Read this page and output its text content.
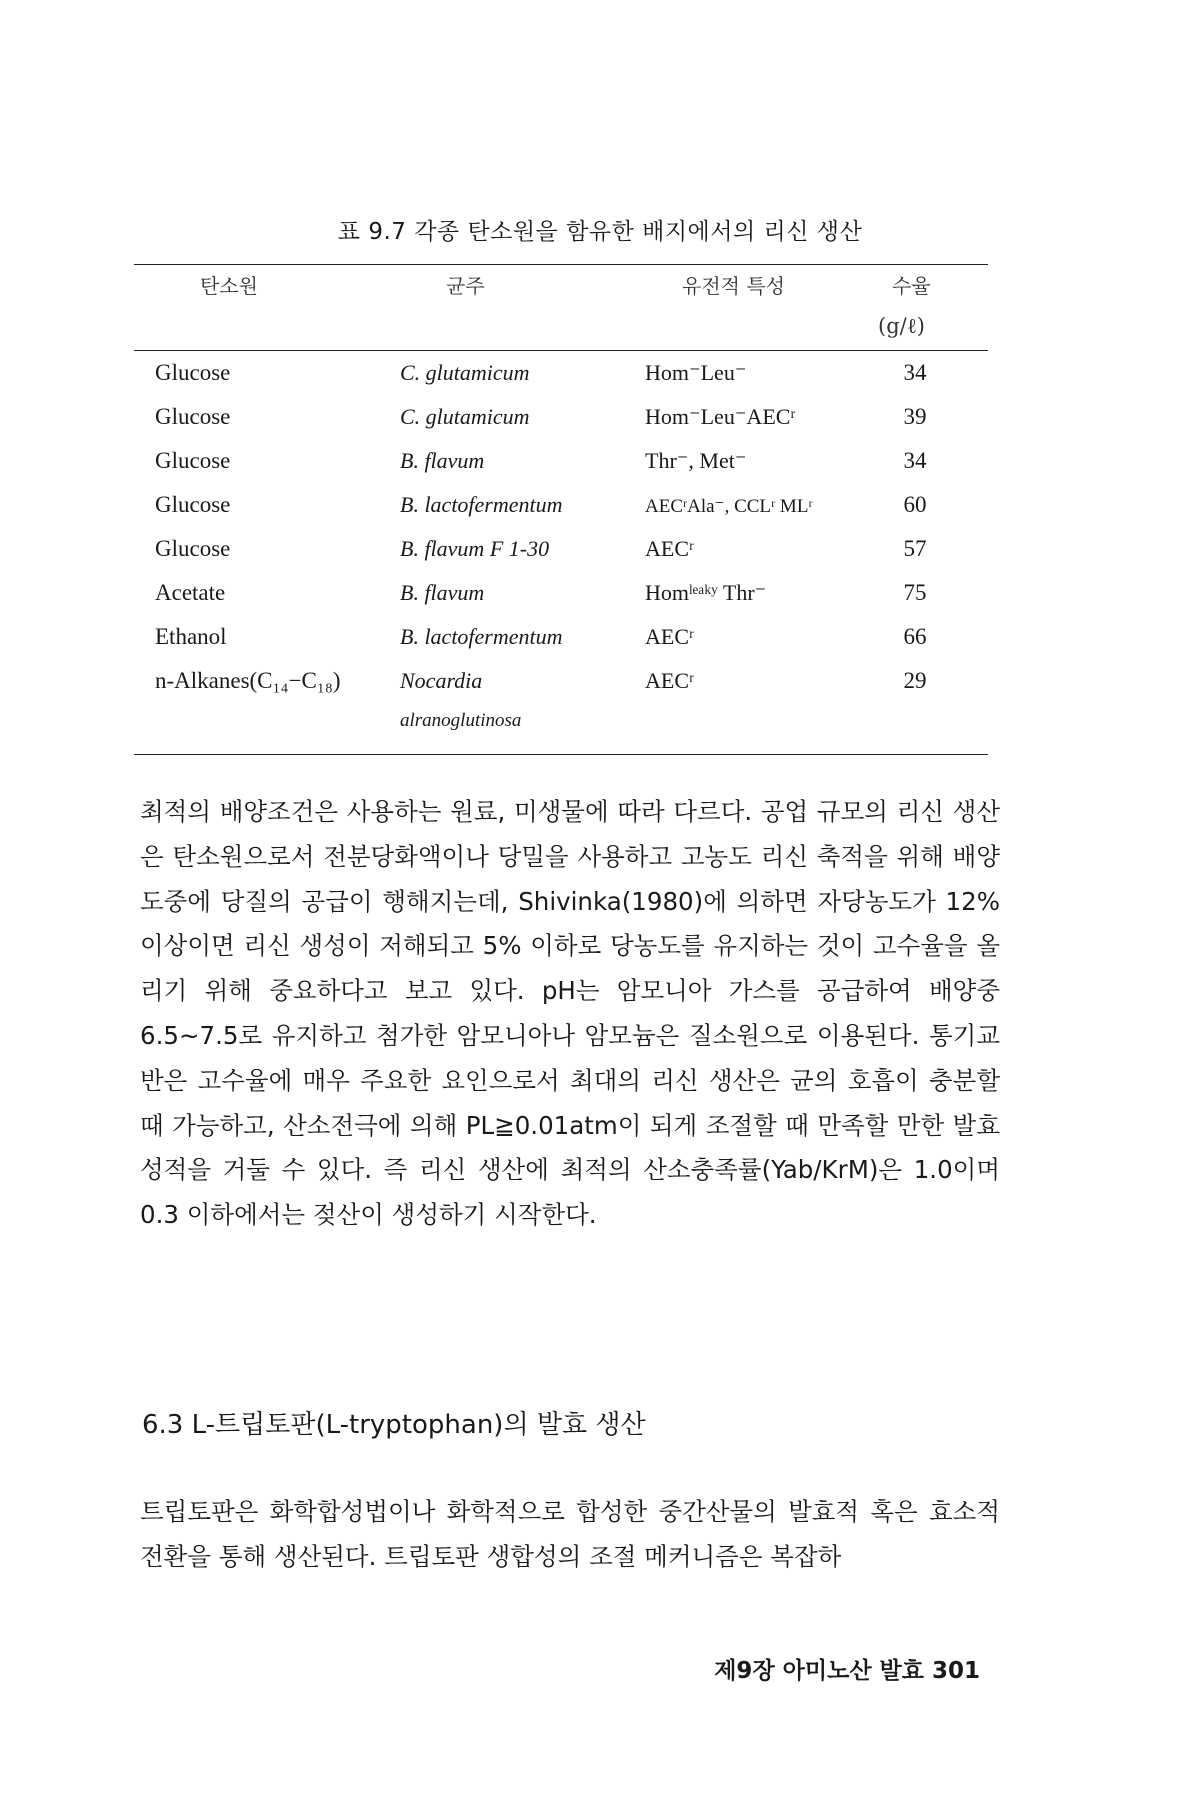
표 9.7 각종 탄소원을 함유한 배지에서의 리신 생산
탄소원	균주	유전적 특성	수율
(g/ℓ)
Glucose	C. glutamicum	Hom⁻Leu⁻	34
Glucose	C. glutamicum	Hom⁻Leu⁻AECʳ	39
Glucose	B. flavum	Thr⁻, Met⁻	34
Glucose	B. lactofermentum	AECʳAla⁻, CCLʳ MLʳ	60
Glucose	B. flavum F 1-30	AECʳ	57
Acetate	B. flavum	Homˡᵉᵃᵏʸ Thr⁻	75
Ethanol	B. lactofermentum	AECʳ	66
n-Alkanes(C₁₄−C₁₈)	Nocardia	AECʳ	29
alranoglutinosa
최적의 배양조건은 사용하는 원료, 미생물에 따라 다르다. 공업 규모의 리신 생산은 탄소원으로서 전분당화액이나 당밀을 사용하고 고농도 리신 축적을 위해 배양 도중에 당질의 공급이 행해지는데, Shivinka(1980)에 의하면 자당농도가 12% 이상이면 리신 생성이 저해되고 5% 이하로 당농도를 유지하는 것이 고수율을 올리기 위해 중요하다고 보고 있다. pH는 암모니아 가스를 공급하여 배양중 6.5~7.5로 유지하고 첨가한 암모니아나 암모늄은 질소원으로 이용된다. 통기교반은 고수율에 매우 주요한 요인으로서 최대의 리신 생산은 균의 호흡이 충분할 때 가능하고, 산소전극에 의해 PL≧0.01atm이 되게 조절할 때 만족할 만한 발효 성적을 거둘 수 있다. 즉 리신 생산에 최적의 산소충족률(Yab/KrM)은 1.0이며 0.3 이하에서는 젖산이 생성하기 시작한다.
6.3 L-트립토판(L-tryptophan)의 발효 생산
트립토판은 화학합성법이나 화학적으로 합성한 중간산물의 발효적 혹은 효소적 전환을 통해 생산된다. 트립토판 생합성의 조절 메커니즘은 복잡하
제9장 아미노산 발효 301
